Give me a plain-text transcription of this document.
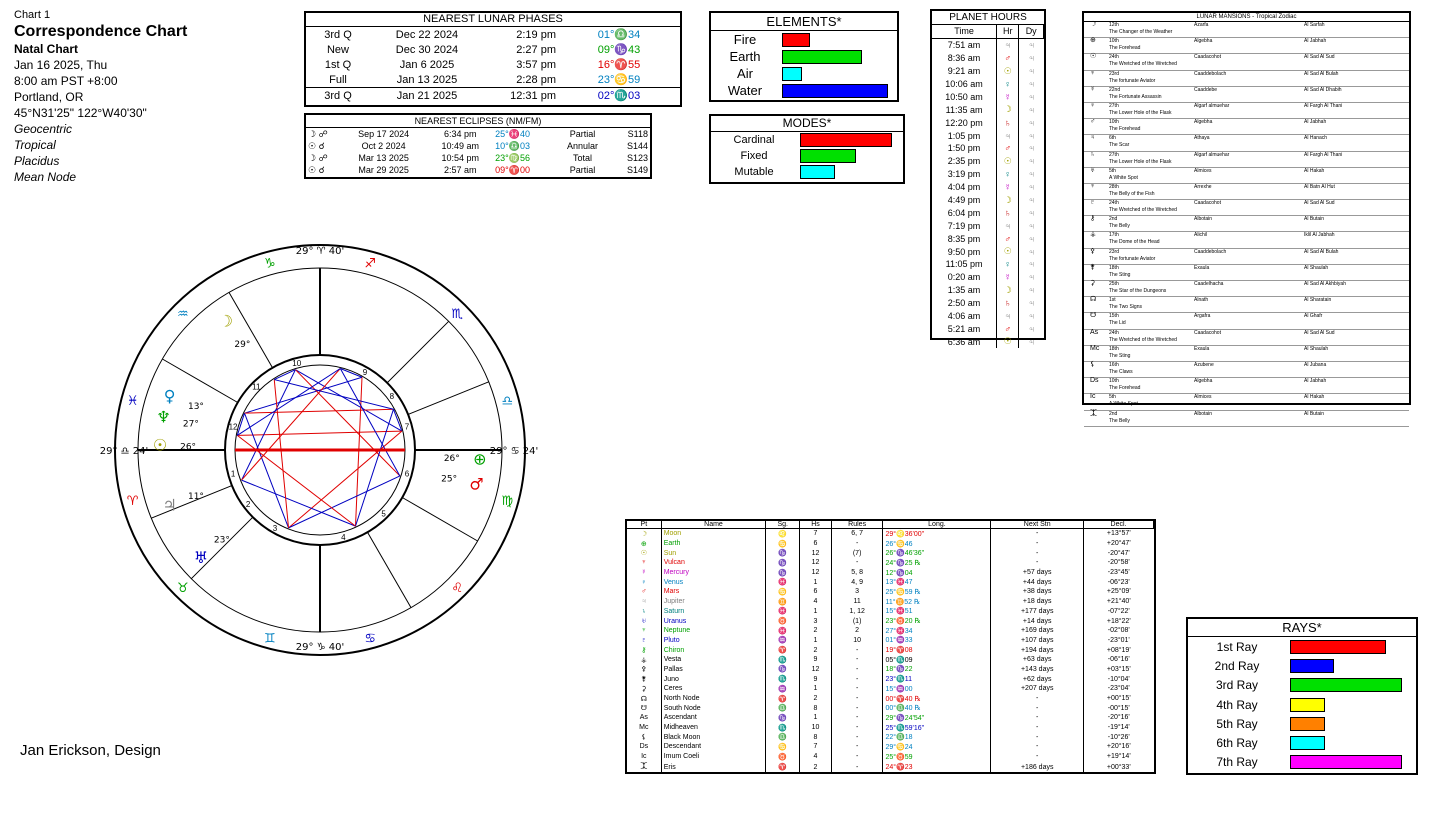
Chart 1
Correspondence Chart
Natal Chart
Jan 16 2025, Thu
8:00 am PST +8:00
Portland, OR
45°N31'25" 122°W40'30"
Geocentric
Tropical
Placidus
Mean Node
Jan Erickson, Design
NEAREST LUNAR PHASES
3rd Q	Dec 22 2024	2:19 pm	01°♎34
New	Dec 30 2024	2:27 pm	09°♑43
1st Q	Jan 6 2025	3:57 pm	16°♈55
Full	Jan 13 2025	2:28 pm	23°♋59
3rd Q	Jan 21 2025	12:31 pm	02°♏03
NEAREST ECLIPSES (NM/FM)
☽ ☍	Sep 17 2024	6:34 pm	25°♓40	Partial	S118
☉ ☌	Oct 2 2024	10:49 am	10°♎03	Annular	S144
☽ ☍	Mar 13 2025	10:54 pm	23°♍56	Total	S123
☉ ☌	Mar 29 2025	2:57 am	09°♈00	Partial	S149
ELEMENTS*
Fire	

Earth	

Air	

Water	
MODES*
Cardinal	

Fixed	

Mutable	
PLANET HOURS
Time	Hr	Dy
7:51 am	♃	♃
8:36 am	♂	♃
9:21 am	☉	♃
10:06 am	♀	♃
10:50 am	☿	♃
11:35 am	☽	♃
12:20 pm	♄	♃
1:05 pm	♃	♃
1:50 pm	♂	♃
2:35 pm	☉	♃
3:19 pm	♀	♃
4:04 pm	☿	♃
4:49 pm	☽	♃
6:04 pm	♄	♃
7:19 pm	♃	♃
8:35 pm	♂	♃
9:50 pm	☉	♃
11:05 pm	♀	♃
0:20 am	☿	♃
1:35 am	☽	♃
2:50 am	♄	♃
4:06 am	♃	♃
5:21 am	♂	♃
6:36 am	☉	♃
LUNAR MANSIONS - Tropical Zodiac
☽	12th	Azarfa	Al Sarfah
The Changer of the Weather
⊕	10th	Algebha	Al Jabhah
The Forehead
☉	24th	Caadacohot	Al Sad Al Sud
The Wretched of the Wretched
♆	23rd	Caaddebolach	Al Sad Al Bulah
The fortunate Aviator
☿	22nd	Caaddebe	Al Sad Al Dhabih
The Fortunate Assassin
♀	27th	Algarf almuehar	Al Fargh Al Thani
The Lower Hole of the Flask
♂	10th	Algebha	Al Jabhah
The Forehead
♃	6th	Athaya	Al Hanach
The Scar
♄	27th	Algarf almuehar	Al Fargh Al Thani
The Lower Hole of the Flask
♅	5th	Almices	Al Hakah
A White Spot
♆	28th	Arrexhe	Al Batn Al Hut
The Belly of the Fish
♇	24th	Caadacohot	Al Sad Al Sud
The Wretched of the Wretched
⚷	2nd	Albotain	Al Butain
The Belly
⚶	17th	Alichil	Iklil Al Jabhah
The Dome of the Head
⚴	23rd	Caaddebolach	Al Sad Al Bulah
The fortunate Aviator
⚵	18th	Exaula	Al Shaulah
The Sting
⚳	25th	Caadelhacha	Al Sad Al Akhbiyah
The Star of the Dungeons
☊	1st	Alnath	Al Sharatain
The Two Signs
☋	15th	Argafra	Al Ghafr
The Lid
As 24th	Caadacohot	Al Sad Al Sud
The Wretched of the Wretched
Mc 18th	Exaula	Al Shaulah
The Sting
⚸	16th	Azubene	Al Jubana
The Claws
Ds 10th	Algebha	Al Jabhah
The Forehead
Ic	5th	Almices	Al Hakah
A White Spot
⯰ 2nd	Albotain	Al Butain
The Belly
Pt	Name	Sg.	Hs	Rules	Long.	Next Stn	Decl.
☽	Moon	♌	7	6, 7	29°♌36'00"	-	+13°57'
⊕	Earth	♋	6	-	26°♋46	-	+20°47'
☉	Sun	♑	12	(7)	26°♑46'36"	-	-20°47'
♆	Vulcan	♑	12	-	24°♑25 ℞	-	-20°58'
☿	Mercury	♑	12	5, 8	12°♑04	+57 days	-23°45'
♀	Venus	♓	1	4, 9	13°♓47	+44 days	-06°23'
♂	Mars	♋	6	3	25°♋59 ℞	+38 days	+25°09'
♃	Jupiter	♊	4	11	11°♊52 ℞	+18 days	+21°40'
♄	Saturn	♓	1	1, 12	15°♓51	+177 days	-07°22'
♅	Uranus	♉	3	(1)	23°♉20 ℞	+14 days	+18°22'
♆	Neptune	♓	2	2	27°♓34	+169 days	-02°08'
♇	Pluto	♒	1	10	01°♒33	+107 days	-23°01'
⚷	Chiron	♈	2	-	19°♈08	+194 days	+08°19'
⚶	Vesta	♏	9	-	05°♏09	+63 days	-06°16'
⚴	Pallas	♑	12	-	18°♑22	+143 days	+03°15'
⚵	Juno	♏	9	-	23°♏11	+62 days	-10°04'
⚳	Ceres	♒	1	-	15°♒00	+207 days	-23°04'
☊	North Node	♈	2	-	00°♈40 ℞	-	+00°15'
☋	South Node	♎	8	-	00°♎40 ℞	-	-00°15'
As	Ascendant	♑	1	-	29°♑24'54"	-	-20°16'
Mc	Midheaven	♏	10	-	25°♏59'16"	-	-19°14'
⚸	Black Moon	♎	8	-	22°♎18	-	-10°26'
Ds	Descendant	♋	7	-	29°♋24	-	+20°16'
Ic	Imum Coeli	♉	4	-	25°♉59	-	+19°14'
⯰	Eris	♈	2	-	24°♈23	+186 days	+00°33'
RAYS*
1st Ray	

2nd Ray	

3rd Ray	

4th Ray	

5th Ray	

6th Ray	

7th Ray	
1
2
3
4
5
6
7
8
9
10
11
12
♈
♉
♊	♋
♌
♍
♎
♏
♐
♑
♒
♓
29° ♈ 40'
29° ♑ 40'
29° ♎ 24'	29° ♋ 24'
☽
29°
♂
25°
⊕
26°
☉ 26°
♀
13°
♆ 27°
♃ 11°
♅
23°
